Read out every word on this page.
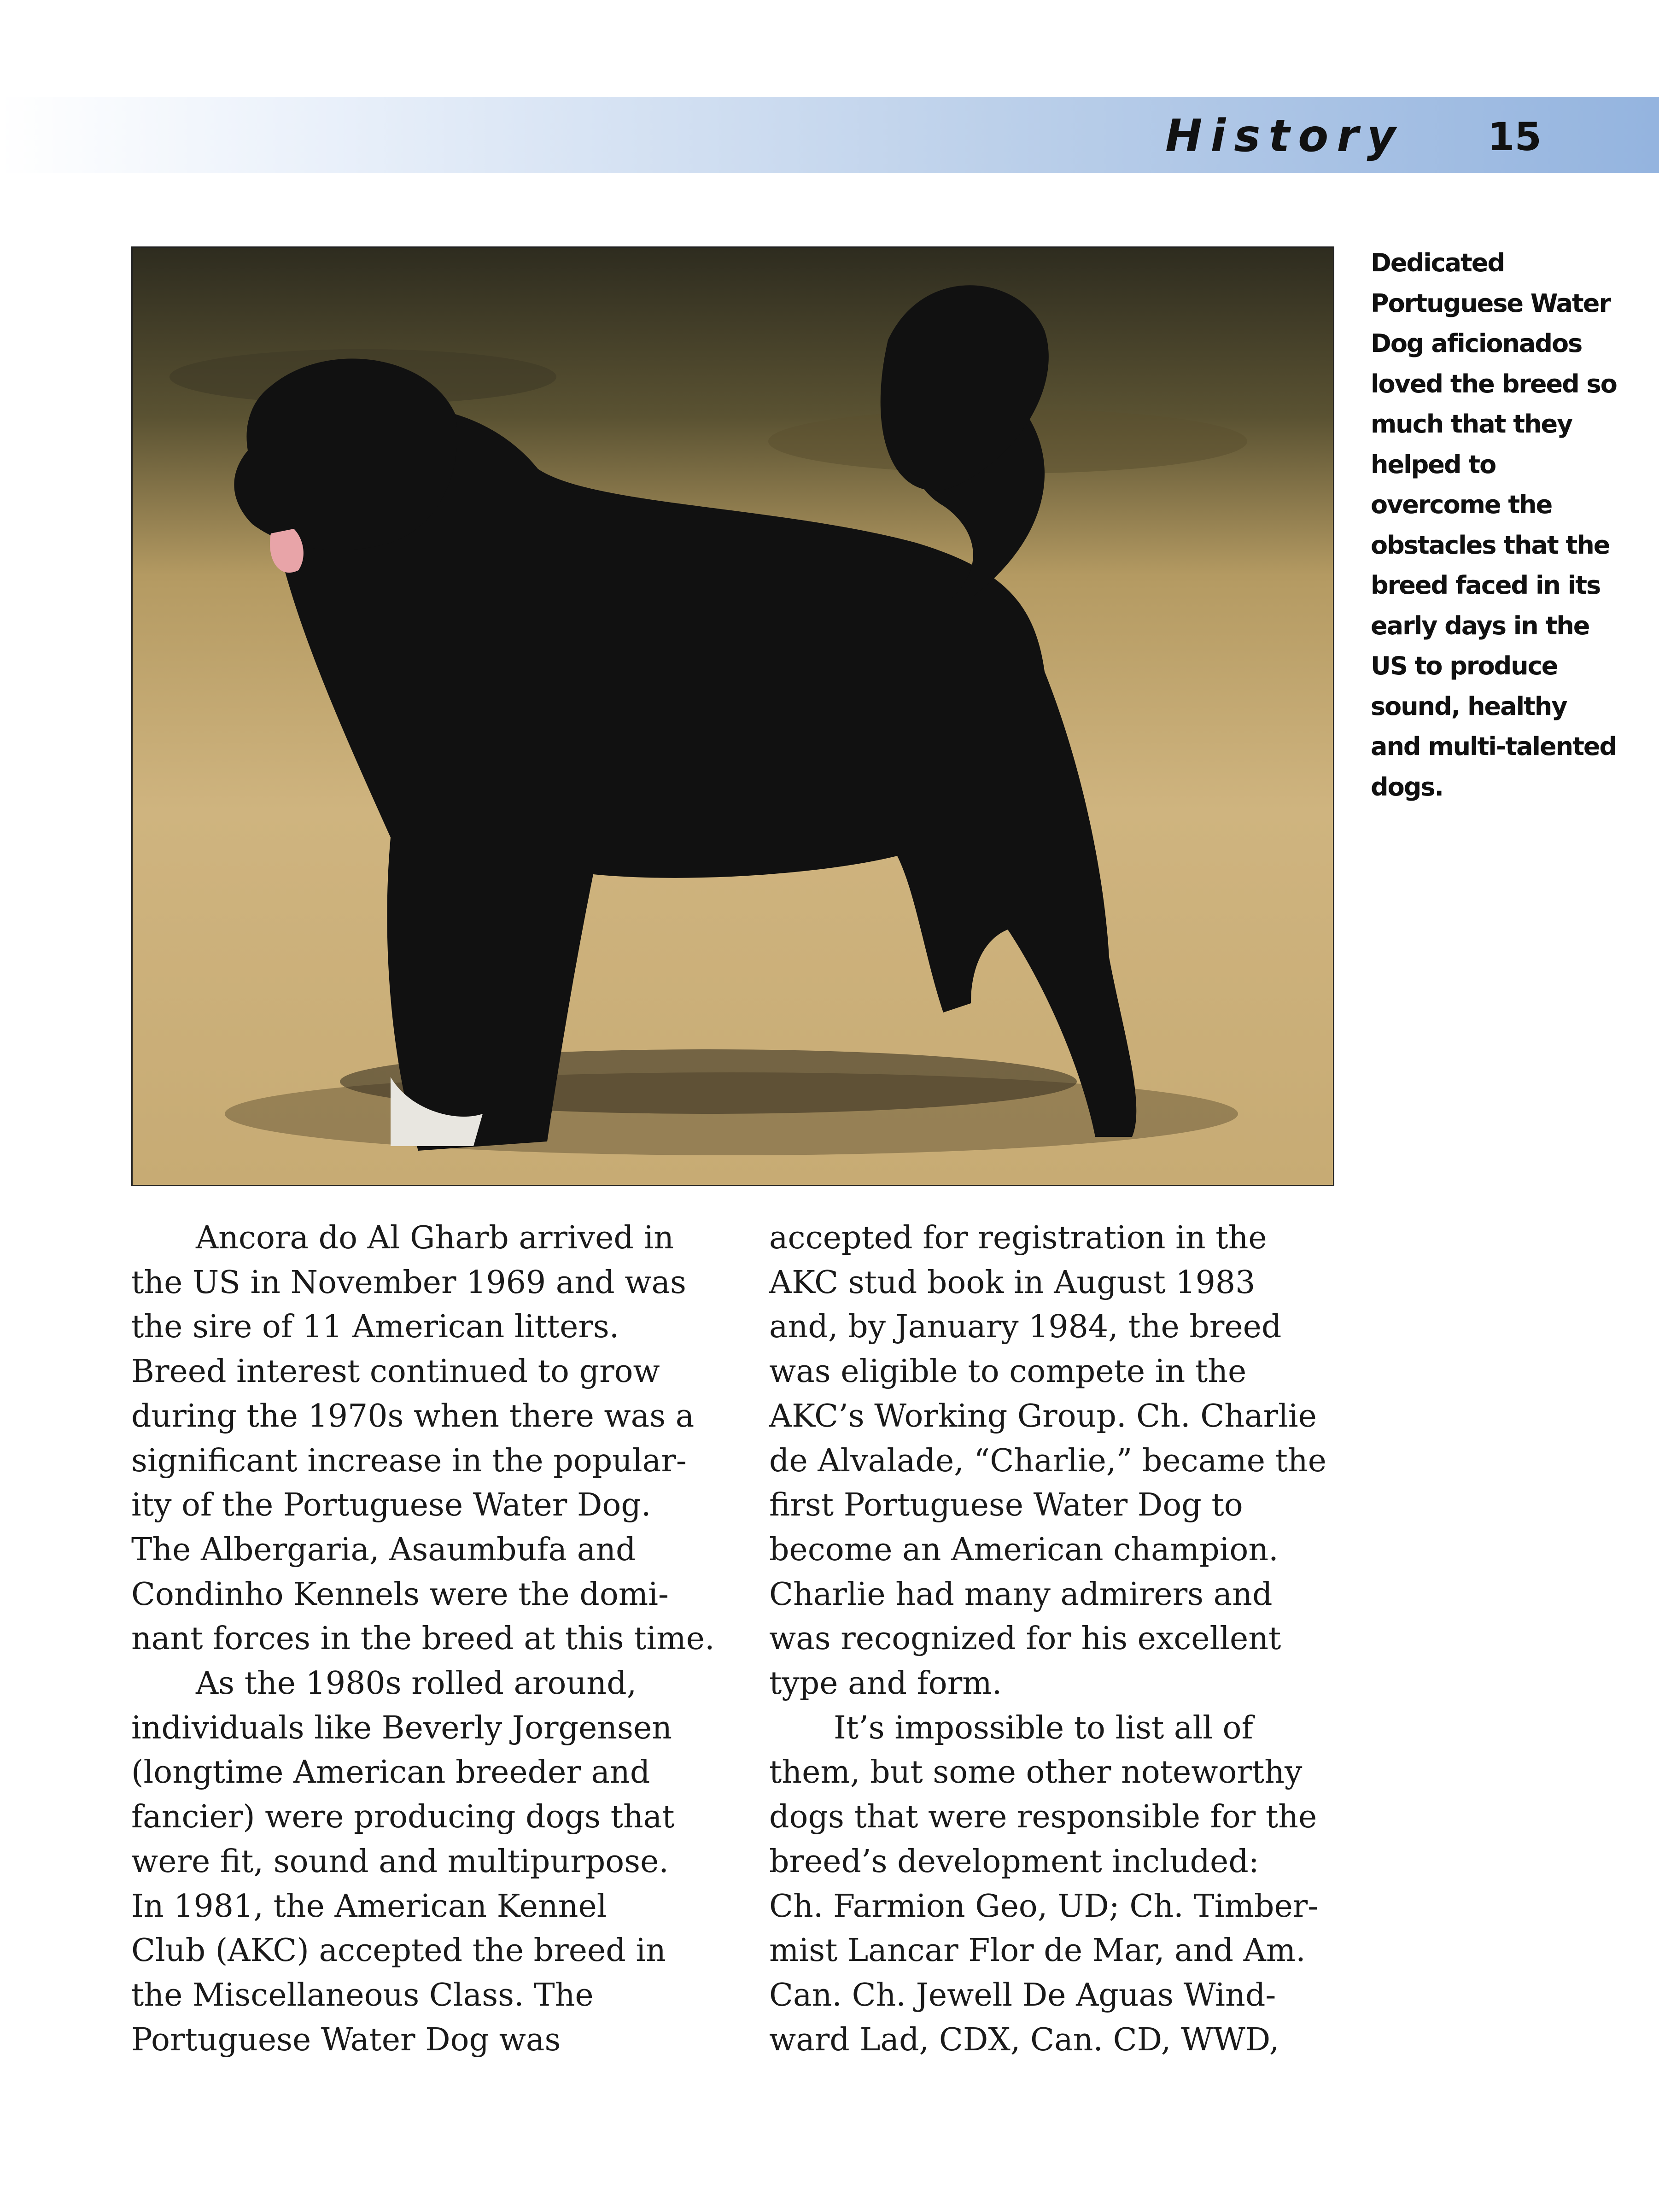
History 15
Dedicated
Portuguese Water
Dog aficionados
loved the breed so
much that they
helped to
overcome the
obstacles that the
breed faced in its
early days in the
US to produce
sound, healthy
and multi-talented
dogs.
Ancora do Al Gharb arrived in
the US in November 1969 and was
the sire of 11 American litters.
Breed interest continued to grow
during the 1970s when there was a
significant increase in the popular-
ity of the Portuguese Water Dog.
The Albergaria, Asaumbufa and
Condinho Kennels were the domi-
nant forces in the breed at this time.
As the 1980s rolled around,
individuals like Beverly Jorgensen
(longtime American breeder and
fancier) were producing dogs that
were fit, sound and multipurpose.
In 1981, the American Kennel
Club (AKC) accepted the breed in
the Miscellaneous Class. The
Portuguese Water Dog was
accepted for registration in the
AKC stud book in August 1983
and, by January 1984, the breed
was eligible to compete in the
AKC’s Working Group. Ch. Charlie
de Alvalade, “Charlie,” became the
first Portuguese Water Dog to
become an American champion.
Charlie had many admirers and
was recognized for his excellent
type and form.
It’s impossible to list all of
them, but some other noteworthy
dogs that were responsible for the
breed’s development included:
Ch. Farmion Geo, UD; Ch. Timber-
mist Lancar Flor de Mar, and Am.
Can. Ch. Jewell De Aguas Wind-
ward Lad, CDX, Can. CD, WWD,
